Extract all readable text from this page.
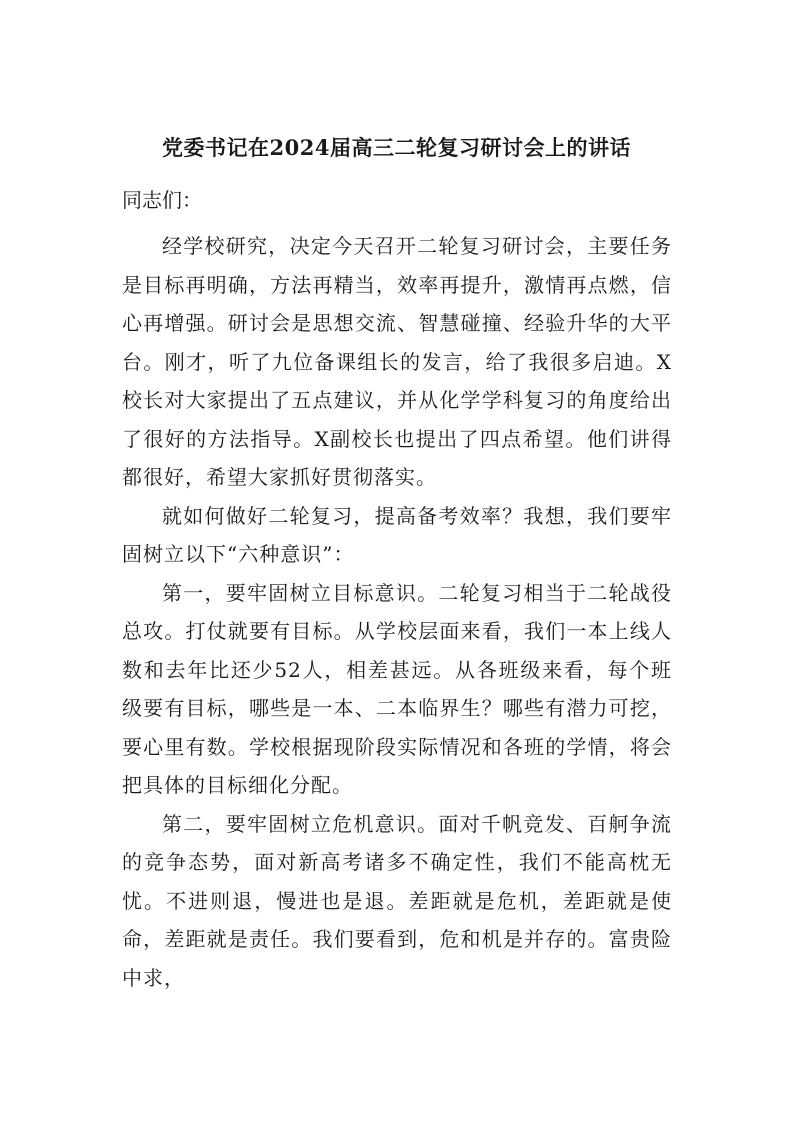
党委书记在2024届高三二轮复习研讨会上的讲话
同志们：

经学校研究，决定今天召开二轮复习研讨会，主要任务是目标再明确，方法再精当，效率再提升，激情再点燃，信心再增强。研讨会是思想交流、智慧碰撞、经验升华的大平台。刚才，听了九位备课组长的发言，给了我很多启迪。X校长对大家提出了五点建议，并从化学学科复习的角度给出了很好的方法指导。X副校长也提出了四点希望。他们讲得都很好，希望大家抓好贯彻落实。

就如何做好二轮复习，提高备考效率？我想，我们要牢固树立以下“六种意识”：

第一，要牢固树立目标意识。二轮复习相当于二轮战役总攻。打仗就要有目标。从学校层面来看，我们一本上线人数和去年比还少52人，相差甚远。从各班级来看，每个班级要有目标，哪些是一本、二本临界生？哪些有潜力可挖，要心里有数。学校根据现阶段实际情况和各班的学情，将会把具体的目标细化分配。

第二，要牢固树立危机意识。面对千帆竞发、百舸争流的竞争态势，面对新高考诸多不确定性，我们不能高枕无忧。不进则退，慢进也是退。差距就是危机，差距就是使命，差距就是责任。我们要看到，危和机是并存的。富贵险中求，
